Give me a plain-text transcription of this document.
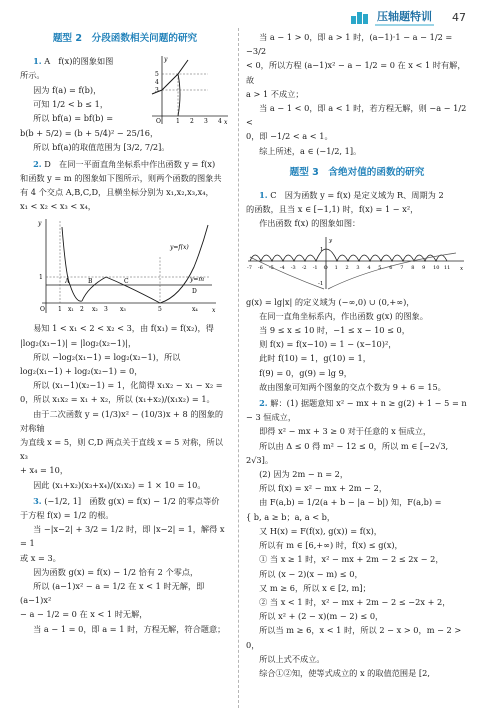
压轴题特训 47
题型 2　分段函数相关问题的研究

1. A　f(x)的图象如图

所示。

因为 f(a) = f(b)，

可知 1/2 < b ≤ 1，

所以 bf(a) = bf(b) =	x
y
O	1 2 3 4
5
4
3

b(b + 5/2) = (b + 5/4)² − 25/16，

所以 bf(a)的取值范围为 [3/2, 7/2]。

2. D　在同一平面直角坐标系中作出函数 y = f(x)

和函数 y = m 的图象如下图所示，则两个函数的图象共

有 4 个交点 A,B,C,D，且横坐标分别为 x₁,x₂,x₃,x₄，

x₁ < x₂ < x₃ < x₄，

x
y
O 1 x₁ 2 x₂ 3 x₃	5	x₄
1	y=m
y=f(x)
A	B	C
D

易知 1 < x₁ < 2 < x₂ < 3，由 f(x₁) = f(x₂)，得

|log₂(x₁−1)| = |log₂(x₂−1)|，

所以 −log₂(x₁−1) = log₂(x₂−1)，所以

log₂(x₁−1) + log₂(x₂−1) = 0，

所以 (x₁−1)(x₂−1) = 1，化简得 x₁x₂ − x₁ − x₂ =

0，所以 x₁x₂ = x₁ + x₂，所以 (x₁+x₂)/(x₁x₂) = 1。

由于二次函数 y = (1/3)x² − (10/3)x + 8 的图象的对称轴

为直线 x = 5，则 C,D 两点关于直线 x = 5 对称，所以 x₃

+ x₄ = 10，

因此 (x₁+x₂)(x₃+x₄)/(x₁x₂) = 1 × 10 = 10。

3. (−1/2, 1]　函数 g(x) = f(x) − 1/2 的零点等价

于方程 f(x) = 1/2 的根。

当 −|x−2| + 3/2 = 1/2 时，即 |x−2| = 1，解得 x = 1

或 x = 3。

因为函数 g(x) = f(x) − 1/2 恰有 2 个零点，

所以 (a−1)x² − a = 1/2 在 x < 1 时无解，即 (a−1)x²

− a − 1/2 = 0 在 x < 1 时无解，

当 a − 1 = 0，即 a = 1 时，方程无解，符合题意；

当 a − 1 > 0，即 a > 1 时，(a−1)·1 − a − 1/2 = −3/2

< 0，所以方程 (a−1)x² − a − 1/2 = 0 在 x < 1 时有解，故

a > 1 不成立；

当 a − 1 < 0，即 a < 1 时，若方程无解，则 −a − 1/2 <

0，即 −1/2 < a < 1。

综上所述，a ∈ (−1/2, 1]。

题型 3　含绝对值的函数的研究

1. C　因为函数 y = f(x) 是定义域为 R、周期为 2

的函数，且当 x ∈ [−1,1) 时，f(x) = 1 − x²，

作出函数 f(x) 的图象如图：

x
y
1
-1
-7 -6 -5 -4 -3 -2 -1 O 1 2 3 4 5 6 7 8 9 10 11

g(x) = lg|x| 的定义域为 (−∞,0) ∪ (0,+∞)，

在同一直角坐标系内，作出函数 g(x) 的图象。

当 9 ≤ x ≤ 10 时，−1 ≤ x − 10 ≤ 0，

则 f(x) = f(x−10) = 1 − (x−10)²，

此时 f(10) = 1，g(10) = 1，

f(9) = 0，g(9) = lg 9，

故由图象可知两个图象的交点个数为 9 + 6 = 15。

2. 解：(1) 据题意知 x² − mx + n ≥ g(2) + 1 − 5 = n

− 3 恒成立，

即得 x² − mx + 3 ≥ 0 对于任意的 x 恒成立，

所以由 Δ ≤ 0 得 m² − 12 ≤ 0，所以 m ∈ [−2√3,

2√3]。

(2) 因为 2m − n = 2，

所以 f(x) = x² − mx + 2m − 2，

由 F(a,b) = 1/2(a + b − |a − b|) 知，F(a,b) =

{ b, a ≥ b；a, a < b，

又 H(x) = F(f(x), g(x)) = f(x)，

所以有 m ∈ [6,+∞) 时，f(x) ≤ g(x)，

① 当 x ≥ 1 时，x² − mx + 2m − 2 ≤ 2x − 2，

所以 (x − 2)(x − m) ≤ 0，

又 m ≥ 6，所以 x ∈ [2, m]；

② 当 x < 1 时，x² − mx + 2m − 2 ≤ −2x + 2，

所以 x² + (2 − x)(m − 2) ≤ 0，

所以当 m ≥ 6，x < 1 时，所以 2 − x > 0，m − 2 > 0，

所以上式不成立。

综合①②知，使等式成立的 x 的取值范围是 [2,
